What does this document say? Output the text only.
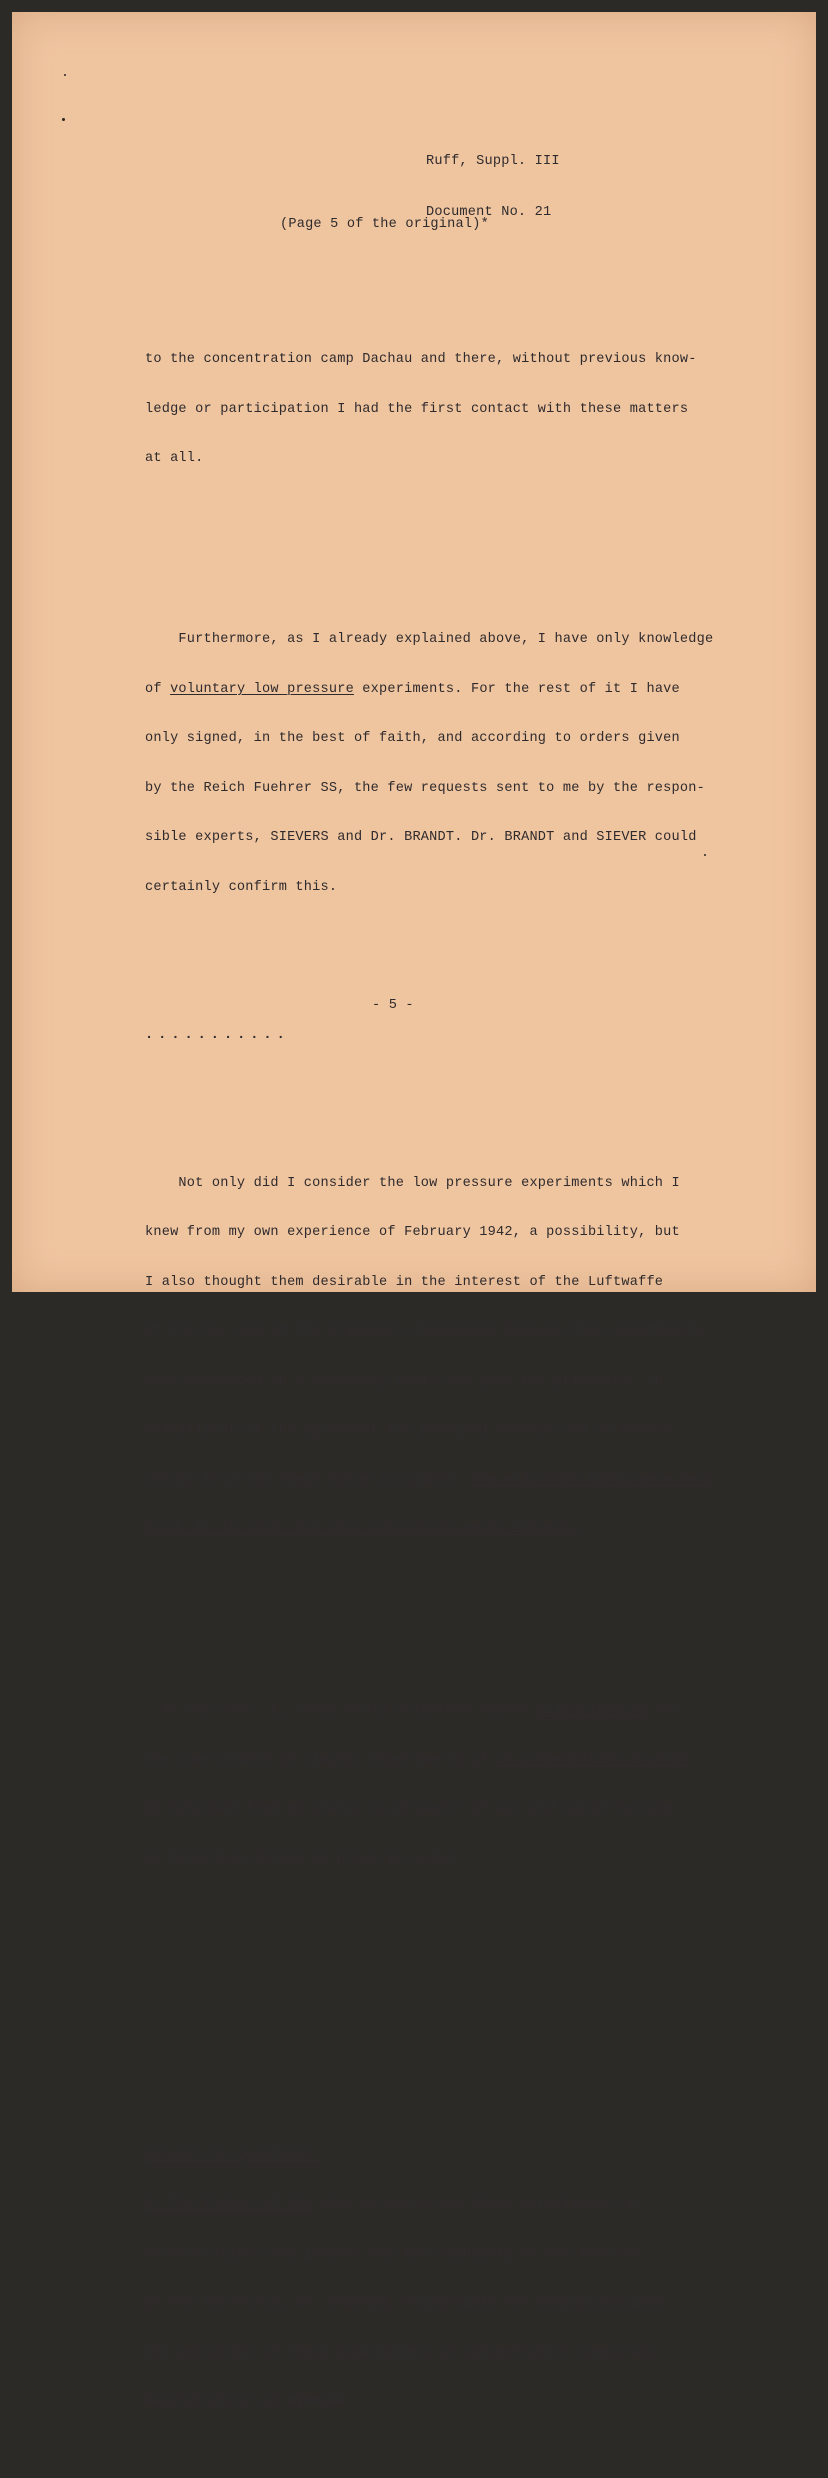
Ruff, Suppl. III

Document No. 21

(Page 5 of the original)*

to the concentration camp Dachau and there, without previous know-

ledge or participation I had the first contact with these matters

at all.

Furthermore, as I already explained above, I have only knowledge

of voluntary low pressure experiments. For the rest of it I have

only signed, in the best of faith, and according to orders given

by the Reich Fuehrer SS, the few requests sent to me by the respon-

sible experts, SIEVERS and Dr. BRANDT. Dr. BRANDT and SIEVER could

certainly confirm this.

...........

Not only did I consider the low pressure experiments which I

knew from my own experience of February 1942, a possibility, but

I also thought them desirable in the interest of the Luftwaffe

of the SS, and of the prisoners themselves because they doubtlessly

were conducted on a voluntary basis and gave the prisoners, in

fulfillment of the agreement the promised release and an honest

chance to prove their value in combat. The endurance tests were very

hard, it is true, but they were by no means inhuman.

At any rate, I, today would volunteer myself with pleasure for

the same number of similar experiments if in compensation I would

be released from my status as prisoner of war and would receive

an honorable chance to prove my value.

...........

Answers to Questions:

2. The father of the idea to carry out these experiments on

concentration camp inmates was the Stabsartz of the Reserve

of the Air Force, Dr. RASCHER, responsible for making possible

the execution of these experiments in concentration camps was

Reichsfuehrer-SS HIMMLER.

- 5 -
